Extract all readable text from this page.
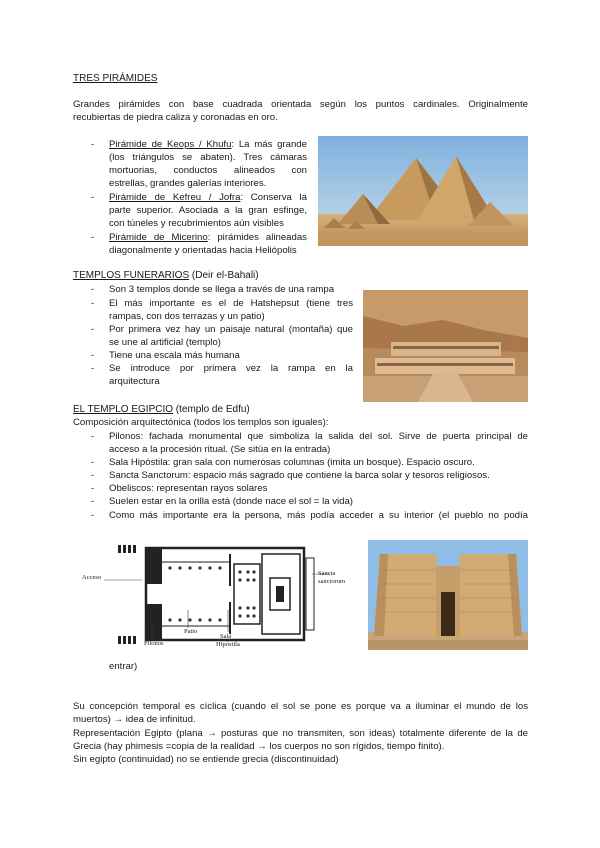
TRES PIRÁMIDES
Grandes pirámides con base cuadrada orientada según los puntos cardinales. Originalmente
recubiertas de piedra caliza y coronadas en oro.
- Pirámide de Keops / Khufu: La más grande
(los triángulos se abaten). Tres cámaras
mortuorias, conductos alineados con
estrellas, grandes galerías interiores.
- Pirámide de Kefreu / Jofra: Conserva la
parte superior. Asociada a la gran esfinge,
con túneles y recubrimientos aún visibles
- Pirámide de Micerino: pirámides alineadas
diagonalmente y orientadas hacia Heliópolis
TEMPLOS FUNERARIOS (Deir el-Bahali)
- Son 3 templos donde se llega a través de una rampa
- El más importante es el de Hatshepsut (tiene tres
rampas, con dos terrazas y un patio)
- Por primera vez hay un paisaje natural (montaña) que
se une al artificial (templo)
- Tiene una escala más humana
- Se introduce por primera vez la rampa en la
arquitectura
EL TEMPLO EGIPCIO (templo de Edfu)
Composición arquitectónica (todos los templos son iguales):
- Pilonos: fachada monumental que simboliza la salida del sol. Sirve de puerta principal de
acceso a la procesión ritual. (Se sitúa en la entrada)
- Sala Hipóstila: gran sala con numerosas columnas (imita un bosque). Espacio oscuro.
- Sancta Sanctorum: espacio más sagrado que contiene la barca solar y tesoros religiosos.
- Obeliscos: representan rayos solares
- Suelen estar en la orilla está (donde nace el sol = la vida)
- Como más importante era la persona, más podía acceder a su interior (el pueblo no podía
Acceso
Sancta
sanctorum
Patio
Pilonos
Sala
Hipóstila
entrar)
Su concepción temporal es cíclica (cuando el sol se pone es porque va a iluminar el mundo de los
muertos) → idea de infinitud.
Representación Egipto (plana → posturas que no transmiten, son ideas) totalmente diferente de la de
Grecia (hay phimesis =copia de la realidad → los cuerpos no son rígidos, tiempo finito).
Sin egipto (continuidad) no se entiende grecia (discontinuidad)
